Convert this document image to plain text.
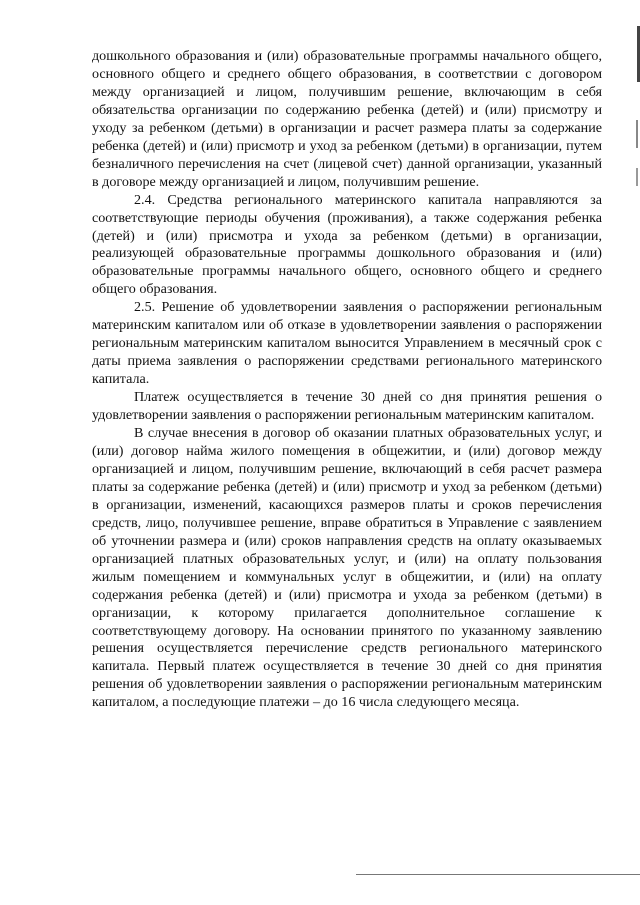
дошкольного образования и (или) образовательные программы начального общего, основного общего и среднего общего образования, в соответствии с договором между организацией и лицом, получившим решение, включающим в себя обязательства организации по содержанию ребенка (детей) и (или) присмотру и уходу за ребенком (детьми) в организации и расчет размера платы за содержание ребенка (детей) и (или) присмотр и уход за ребенком (детьми) в организации, путем безналичного перечисления на счет (лицевой счет) данной организации, указанный в договоре между организацией и лицом, получившим решение.

2.4. Средства регионального материнского капитала направляются за соответствующие периоды обучения (проживания), а также содержания ребенка (детей) и (или) присмотра и ухода за ребенком (детьми) в организации, реализующей образовательные программы дошкольного образования и (или) образовательные программы начального общего, основного общего и среднего общего образования.

2.5. Решение об удовлетворении заявления о распоряжении региональным материнским капиталом или об отказе в удовлетворении заявления о распоряжении региональным материнским капиталом выносится Управлением в месячный срок с даты приема заявления о распоряжении средствами регионального материнского капитала.

Платеж осуществляется в течение 30 дней со дня принятия решения о удовлетворении заявления о распоряжении региональным материнским капиталом.

В случае внесения в договор об оказании платных образовательных услуг, и (или) договор найма жилого помещения в общежитии, и (или) договор между организацией и лицом, получившим решение, включающий в себя расчет размера платы за содержание ребенка (детей) и (или) присмотр и уход за ребенком (детьми) в организации, изменений, касающихся размеров платы и сроков перечисления средств, лицо, получившее решение, вправе обратиться в Управление с заявлением об уточнении размера и (или) сроков направления средств на оплату оказываемых организацией платных образовательных услуг, и (или) на оплату пользования жилым помещением и коммунальных услуг в общежитии, и (или) на оплату содержания ребенка (детей) и (или) присмотра и ухода за ребенком (детьми) в организации, к которому прилагается дополнительное соглашение к соответствующему договору. На основании принятого по указанному заявлению решения осуществляется перечисление средств регионального материнского капитала. Первый платеж осуществляется в течение 30 дней со дня принятия решения об удовлетворении заявления о распоряжении региональным материнским капиталом, а последующие платежи – до 16 числа следующего месяца.
